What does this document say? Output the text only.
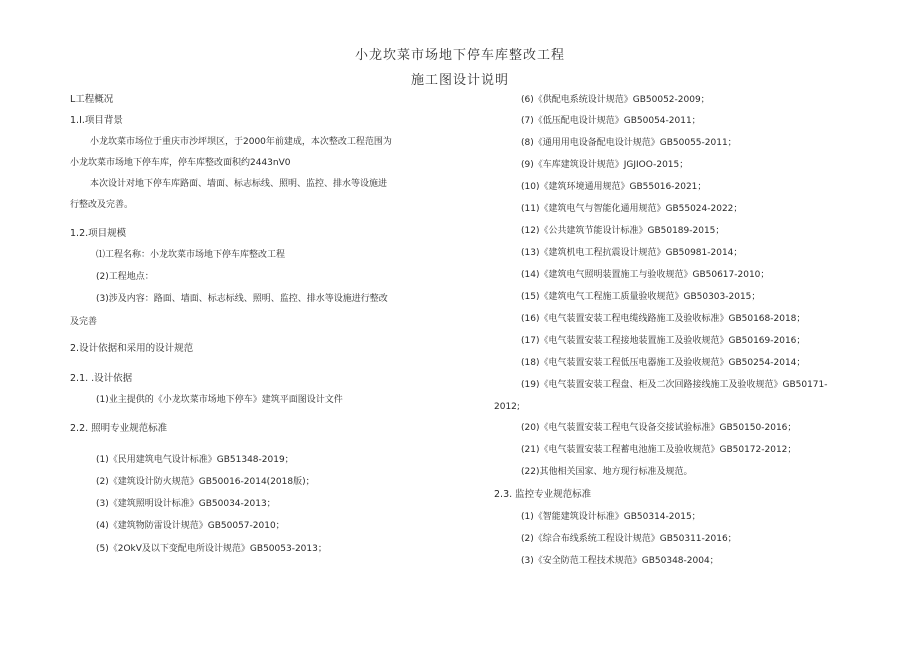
小龙坎菜市场地下停车库整改工程
施工图设计说明
L工程概况
1.I.项目背景
小龙坎菜市场位于重庆市沙坪坝区，于2000年前建成，本次整改工程范围为
小龙坎菜市场地下停车库，停车库整改面积约2443nV0
本次设计对地下停车库路面、墙面、标志标线、照明、监控、排水等设施进
行整改及完善。
1.2.项目规模
⑴工程名称：小龙坎菜市场地下停车库整改工程
(2)工程地点：
(3)涉及内容：路面、墙面、标志标线、照明、监控、排水等设施进行整改
及完善
2.设计依据和采用的设计规范
2.1. .设计依据
(1)业主提供的《小龙坎菜市场地下停车》建筑平面图设计文件
2.2. 照明专业规范标准
(1)《民用建筑电气设计标准》GB51348-2019；
(2)《建筑设计防火规范》GB50016-2014(2018版)；
(3)《建筑照明设计标准》GB50034-2013；
(4)《建筑物防雷设计规范》GB50057-2010；
(5)《2OkV及以下变配电所设计规范》GB50053-2013；
(6)《供配电系统设计规范》GB50052-2009；
(7)《低压配电设计规范》GB50054-2011；
(8)《通用用电设备配电设计规范》GB50055-2011；
(9)《车库建筑设计规范》JGJIOO-2015；
(10)《建筑环境通用规范》GB55016-2021；
(11)《建筑电气与智能化通用规范》GB55024-2022；
(12)《公共建筑节能设计标准》GB50189-2015；
(13)《建筑机电工程抗震设计规范》GB50981-2014；
(14)《建筑电气照明装置施工与验收规范》GB50617-2010；
(15)《建筑电气工程施工质量验收规范》GB50303-2015；
(16)《电气装置安装工程电缆线路施工及验收标准》GB50168-2018；
(17)《电气装置安装工程接地装置施工及验收规范》GB50169-2016；
(18)《电气装置安装工程低压电器施工及验收规范》GB50254-2014；
(19)《电气装置安装工程盘、柜及二次回路接线施工及验收规范》GB50171-
2012;
(20)《电气装置安装工程电气设备交接试验标准》GB50150-2016；
(21)《电气装置安装工程蓄电池施工及验收规范》GB50172-2012；
(22)其他相关国家、地方现行标准及规范。
2.3. 监控专业规范标准
(1)《智能建筑设计标准》GB50314-2015；
(2)《综合布线系统工程设计规范》GB50311-2016；
(3)《安全防范工程技术规范》GB50348-2004；
